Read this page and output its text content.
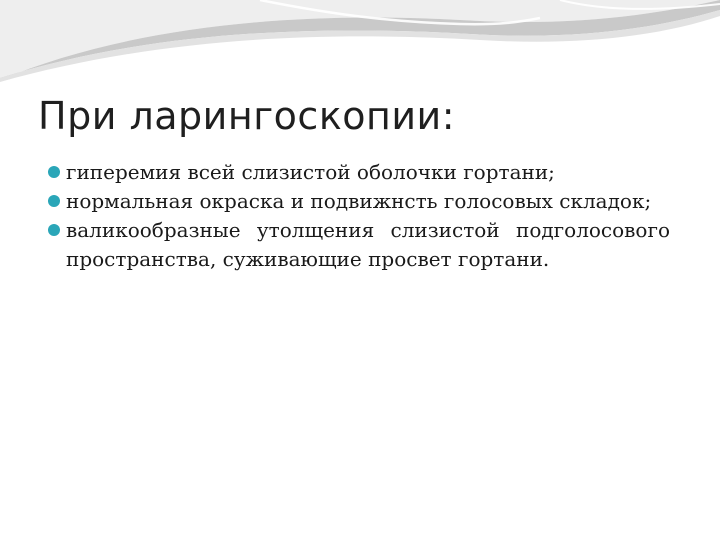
При ларингоскопии:
гиперемия всей слизистой оболочки гортани;
нормальная окраска и подвижнсть голосовых складок;
валикообразные утолщения слизистой подголосового пространства, суживающие просвет гортани.
